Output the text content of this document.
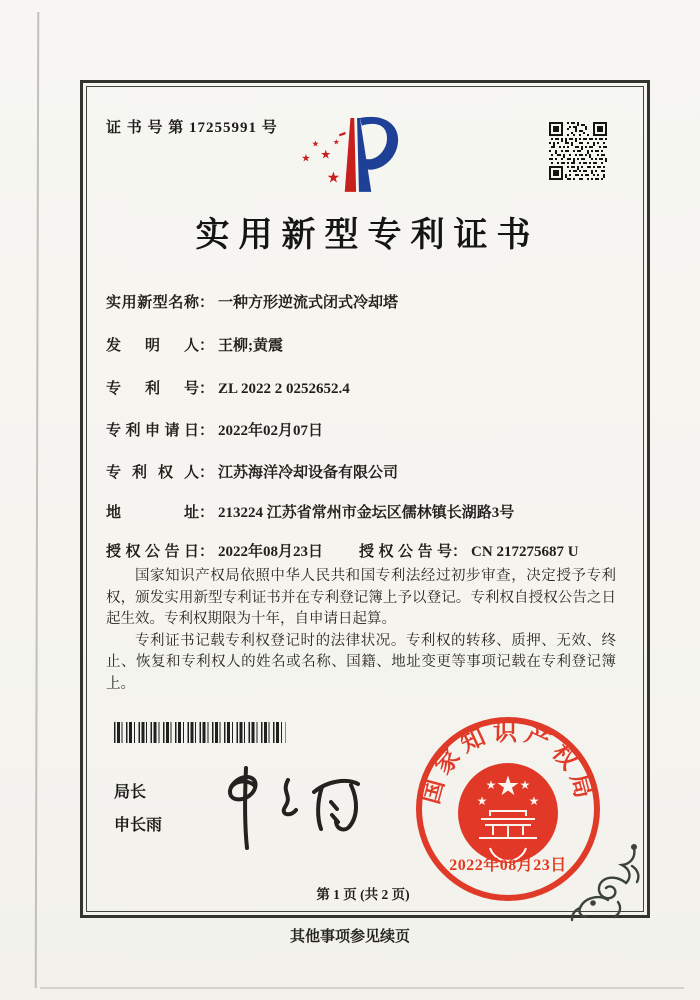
证 书 号 第 17255991 号
★
★ ★
★
★
实用新型专利证书
实用新型名称： 一种方形逆流式闭式冷却塔
发明人： 王柳;黄震
专利号： ZL 2022 2 0252652.4
专利申请日： 2022年02月07日
专利权人： 江苏海洋冷却设备有限公司
地址： 213224 江苏省常州市金坛区儒林镇长湖路3号
授权公告日： 2022年08月23日 授权公告号： CN 217275687 U

国家知识产权局依照中华人民共和国专利法经过初步审查，决定授予专利权，颁发实用新型专利证书并在专利登记簿上予以登记。专利权自授权公告之日起生效。专利权期限为十年，自申请日起算。

专利证书记载专利权登记时的法律状况。专利权的转移、质押、无效、终止、恢复和专利权人的姓名或名称、国籍、地址变更等事项记载在专利登记簿上。

局长
申长雨
国家知识产权局
★
★
★ ★
★
2022年08月23日
第 1 页 (共 2 页)
其他事项参见续页
